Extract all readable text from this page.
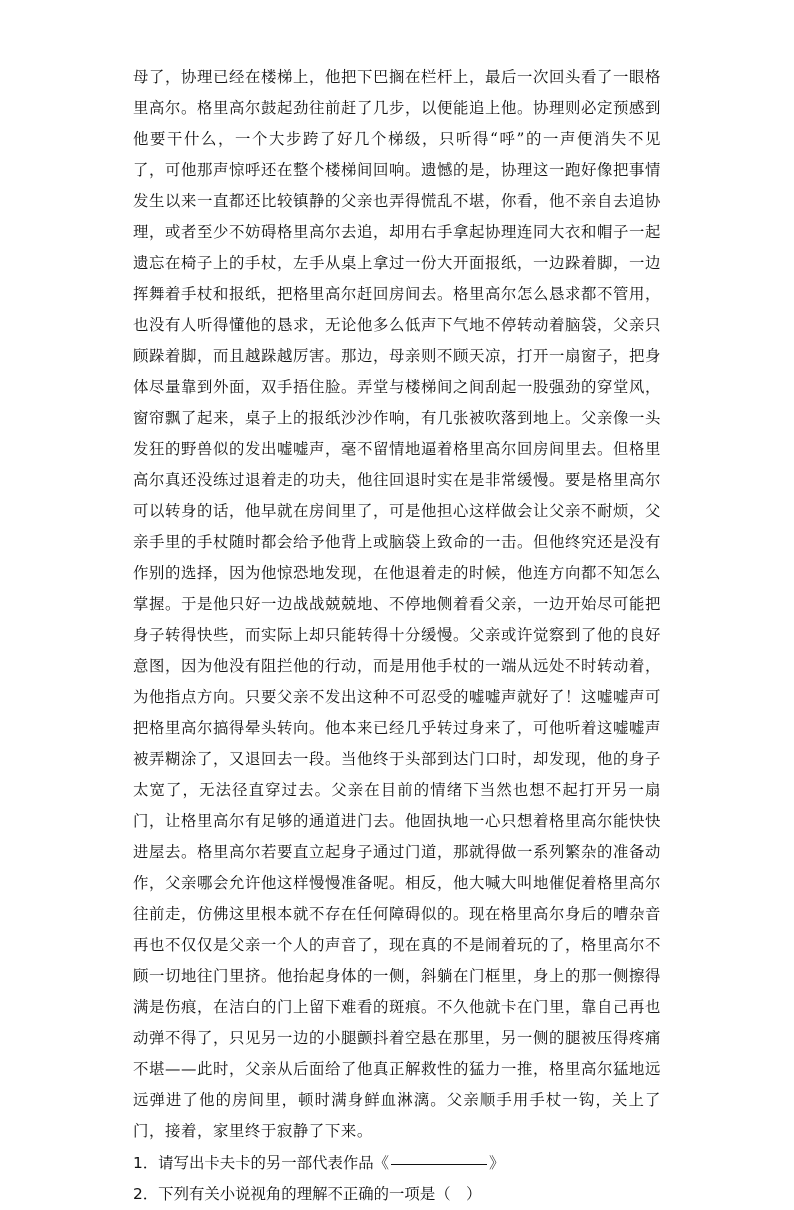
母了，协理已经在楼梯上，他把下巴搁在栏杆上，最后一次回头看了一眼格里高尔。格里高尔鼓起劲往前赶了几步，以便能追上他。协理则必定预感到他要干什么，一个大步跨了好几个梯级，只听得“呼”的一声便消失不见了，可他那声惊呼还在整个楼梯间回响。遗憾的是，协理这一跑好像把事情发生以来一直都还比较镇静的父亲也弄得慌乱不堪，你看，他不亲自去追协理，或者至少不妨碍格里高尔去追，却用右手拿起协理连同大衣和帽子一起遗忘在椅子上的手杖，左手从桌上拿过一份大开面报纸，一边跺着脚，一边挥舞着手杖和报纸，把格里高尔赶回房间去。格里高尔怎么恳求都不管用，也没有人听得懂他的恳求，无论他多么低声下气地不停转动着脑袋，父亲只顾跺着脚，而且越跺越厉害。那边，母亲则不顾天凉，打开一扇窗子，把身体尽量靠到外面，双手捂住脸。弄堂与楼梯间之间刮起一股强劲的穿堂风，窗帘飘了起来，桌子上的报纸沙沙作响，有几张被吹落到地上。父亲像一头发狂的野兽似的发出嘘嘘声，毫不留情地逼着格里高尔回房间里去。但格里高尔真还没练过退着走的功夫，他往回退时实在是非常缓慢。要是格里高尔可以转身的话，他早就在房间里了，可是他担心这样做会让父亲不耐烦，父亲手里的手杖随时都会给予他背上或脑袋上致命的一击。但他终究还是没有作别的选择，因为他惊恐地发现，在他退着走的时候，他连方向都不知怎么掌握。于是他只好一边战战兢兢地、不停地侧着看父亲，一边开始尽可能把身子转得快些，而实际上却只能转得十分缓慢。父亲或许觉察到了他的良好意图，因为他没有阻拦他的行动，而是用他手杖的一端从远处不时转动着，为他指点方向。只要父亲不发出这种不可忍受的嘘嘘声就好了！这嘘嘘声可把格里高尔搞得晕头转向。他本来已经几乎转过身来了，可他听着这嘘嘘声被弄糊涂了，又退回去一段。当他终于头部到达门口时，却发现，他的身子太宽了，无法径直穿过去。父亲在目前的情绪下当然也想不起打开另一扇门，让格里高尔有足够的通道进门去。他固执地一心只想着格里高尔能快快进屋去。格里高尔若要直立起身子通过门道，那就得做一系列繁杂的准备动作，父亲哪会允许他这样慢慢准备呢。相反，他大喊大叫地催促着格里高尔往前走，仿佛这里根本就不存在任何障碍似的。现在格里高尔身后的嘈杂音再也不仅仅是父亲一个人的声音了，现在真的不是闹着玩的了，格里高尔不顾一切地往门里挤。他抬起身体的一侧，斜躺在门框里，身上的那一侧擦得满是伤痕，在洁白的门上留下难看的斑痕。不久他就卡在门里，靠自己再也动弹不得了，只见另一边的小腿颤抖着空悬在那里，另一侧的腿被压得疼痛不堪——此时，父亲从后面给了他真正解救性的猛力一推，格里高尔猛地远远弹进了他的房间里，顿时满身鲜血淋漓。父亲顺手用手杖一钩，关上了门，接着，家里终于寂静了下来。

1．请写出卡夫卡的另一部代表作品《	》
2．下列有关小说视角的理解不正确的一项是（　）
